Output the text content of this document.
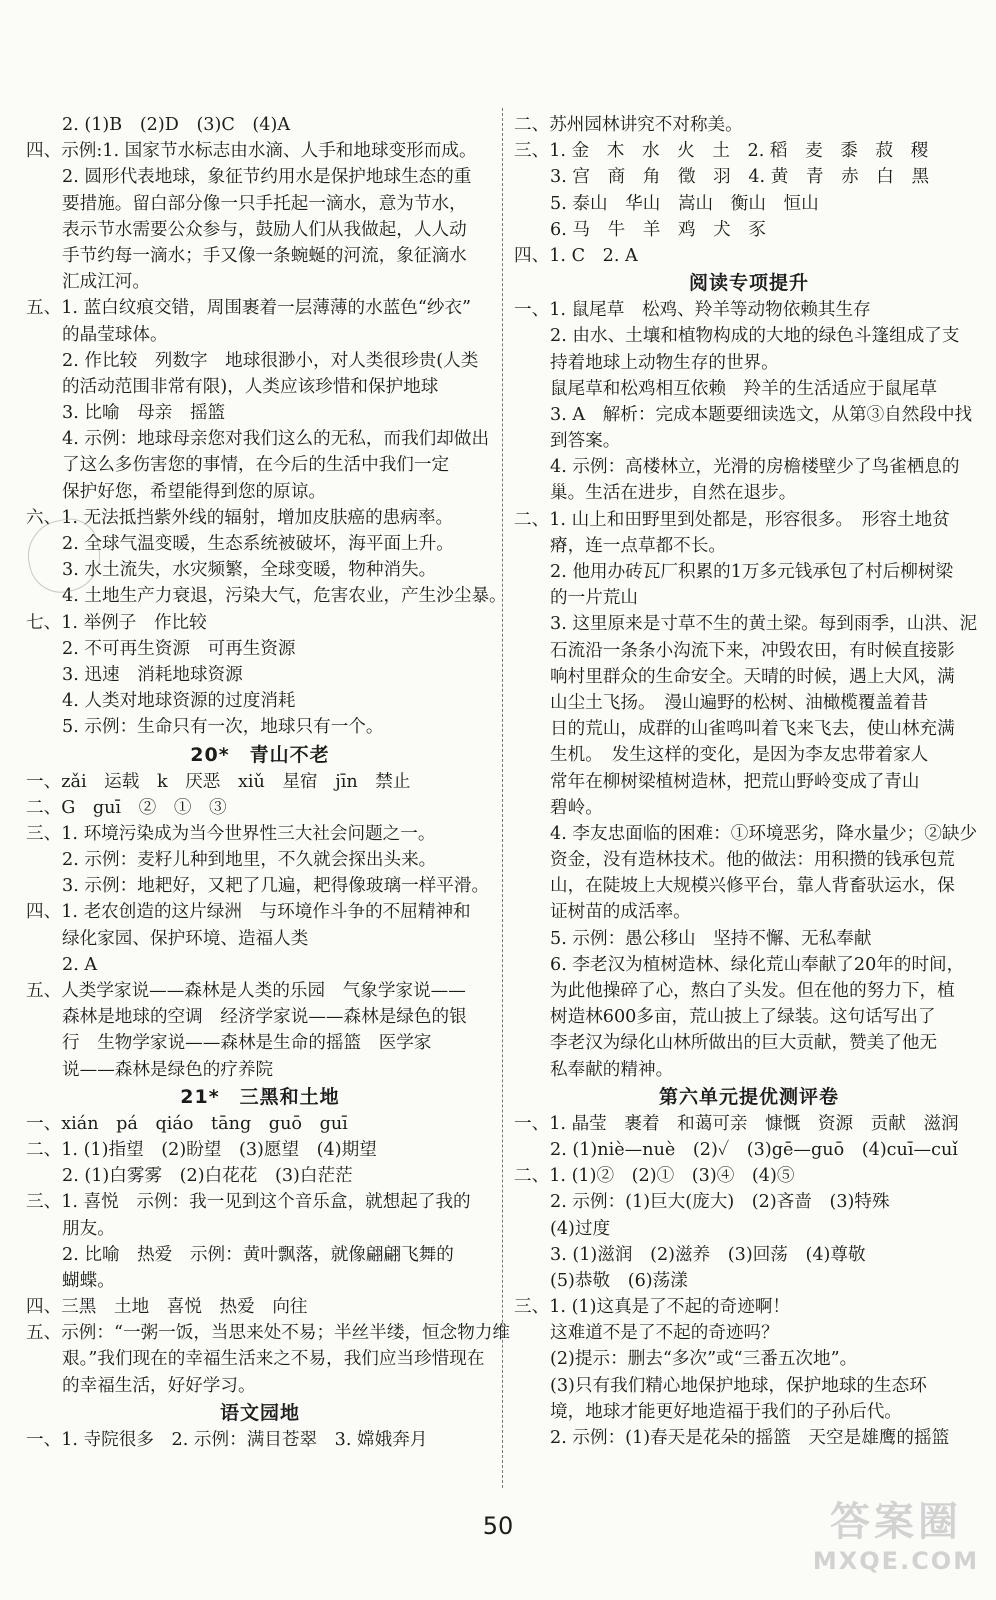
2. (1)B　(2)D　(3)C　(4)A
四、示例:1. 国家节水标志由水滴、人手和地球变形而成。
2. 圆形代表地球，象征节约用水是保护地球生态的重
要措施。留白部分像一只手托起一滴水，意为节水，
表示节水需要公众参与，鼓励人们从我做起，人人动
手节约每一滴水；手又像一条蜿蜒的河流，象征滴水
汇成江河。
五、1. 蓝白纹痕交错，周围裹着一层薄薄的水蓝色“纱衣”
的晶莹球体。
2. 作比较　列数字　地球很渺小，对人类很珍贵(人类
的活动范围非常有限)，人类应该珍惜和保护地球
3. 比喻　母亲　摇篮
4. 示例：地球母亲您对我们这么的无私，而我们却做出
了这么多伤害您的事情，在今后的生活中我们一定
保护好您，希望能得到您的原谅。
六、1. 无法抵挡紫外线的辐射，增加皮肤癌的患病率。
2. 全球气温变暖，生态系统被破坏，海平面上升。
3. 水土流失，水灾频繁，全球变暖，物种消失。
4. 土地生产力衰退，污染大气，危害农业，产生沙尘暴。
七、1. 举例子　作比较
2. 不可再生资源　可再生资源
3. 迅速　消耗地球资源
4. 人类对地球资源的过度消耗
5. 示例：生命只有一次，地球只有一个。
20*　青山不老
一、zǎi　运载　k　厌恶　xiǔ　星宿　jīn　禁止
二、G　guī　②　①　③
三、1. 环境污染成为当今世界性三大社会问题之一。
2. 示例：麦籽儿种到地里，不久就会探出头来。
3. 示例：地耙好，又耙了几遍，耙得像玻璃一样平滑。
四、1. 老农创造的这片绿洲　与环境作斗争的不屈精神和
绿化家园、保护环境、造福人类
2. A
五、人类学家说——森林是人类的乐园　气象学家说——
森林是地球的空调　经济学家说——森林是绿色的银
行　生物学家说——森林是生命的摇篮　医学家
说——森林是绿色的疗养院
21*　三黑和土地
一、xián　pá　qiáo　tāng　guō　guī
二、1. (1)指望　(2)盼望　(3)愿望　(4)期望
2. (1)白雾雾　(2)白花花　(3)白茫茫
三、1. 喜悦　示例：我一见到这个音乐盒，就想起了我的
朋友。
2. 比喻　热爱　示例：黄叶飘落，就像翩翩飞舞的
蝴蝶。
四、三黑　土地　喜悦　热爱　向往
五、示例：“一粥一饭，当思来处不易；半丝半缕，恒念物力维
艰。”我们现在的幸福生活来之不易，我们应当珍惜现在
的幸福生活，好好学习。
语文园地
一、1. 寺院很多　2. 示例：满目苍翠　3. 嫦娥奔月
二、苏州园林讲究不对称美。
三、1. 金　木　水　火　土　2. 稻　麦　黍　菽　稷
3. 宫　商　角　徵　羽　4. 黄　青　赤　白　黑
5. 泰山　华山　嵩山　衡山　恒山
6. 马　牛　羊　鸡　犬　豕
四、1. C　2. A
阅读专项提升
一、1. 鼠尾草　松鸡、羚羊等动物依赖其生存
2. 由水、土壤和植物构成的大地的绿色斗篷组成了支
持着地球上动物生存的世界。
鼠尾草和松鸡相互依赖　羚羊的生活适应于鼠尾草
3. A　解析：完成本题要细读选文，从第③自然段中找
到答案。
4. 示例：高楼林立，光滑的房檐楼壁少了鸟雀栖息的
巢。生活在进步，自然在退步。
二、1. 山上和田野里到处都是，形容很多。　形容土地贫
瘠，连一点草都不长。
2. 他用办砖瓦厂积累的1万多元钱承包了村后柳树梁
的一片荒山
3. 这里原来是寸草不生的黄土梁。每到雨季，山洪、泥
石流沿一条条小沟流下来，冲毁农田，有时候直接影
响村里群众的生命安全。天晴的时候，遇上大风，满
山尘土飞扬。　漫山遍野的松树、油橄榄覆盖着昔
日的荒山，成群的山雀鸣叫着飞来飞去，使山林充满
生机。　发生这样的变化，是因为李友忠带着家人
常年在柳树梁植树造林，把荒山野岭变成了青山
碧岭。
4. 李友忠面临的困难：①环境恶劣，降水量少；②缺少
资金，没有造林技术。他的做法：用积攒的钱承包荒
山，在陡坡上大规模兴修平台，靠人背畜驮运水，保
证树苗的成活率。
5. 示例：愚公移山　坚持不懈、无私奉献
6. 李老汉为植树造林、绿化荒山奉献了20年的时间，
为此他操碎了心，熬白了头发。但在他的努力下，植
树造林600多亩，荒山披上了绿装。这句话写出了
李老汉为绿化山林所做出的巨大贡献，赞美了他无
私奉献的精神。
第六单元提优测评卷
一、1. 晶莹　裹着　和蔼可亲　慷慨　资源　贡献　滋润
2. (1)niè—nuè　(2)✓　(3)gē—guō　(4)cuī—cuǐ
二、1. (1)②　(2)①　(3)④　(4)⑤
2. 示例：(1)巨大(庞大)　(2)吝啬　(3)特殊
(4)过度
3. (1)滋润　(2)滋养　(3)回荡　(4)尊敬
(5)恭敬　(6)荡漾
三、1. (1)这真是了不起的奇迹啊！
这难道不是了不起的奇迹吗？
(2)提示：删去“多次”或“三番五次地”。
(3)只有我们精心地保护地球，保护地球的生态环
境，地球才能更好地造福于我们的子孙后代。
2. 示例：(1)春天是花朵的摇篮　天空是雄鹰的摇篮
50	答案圈
MXQE.COM
